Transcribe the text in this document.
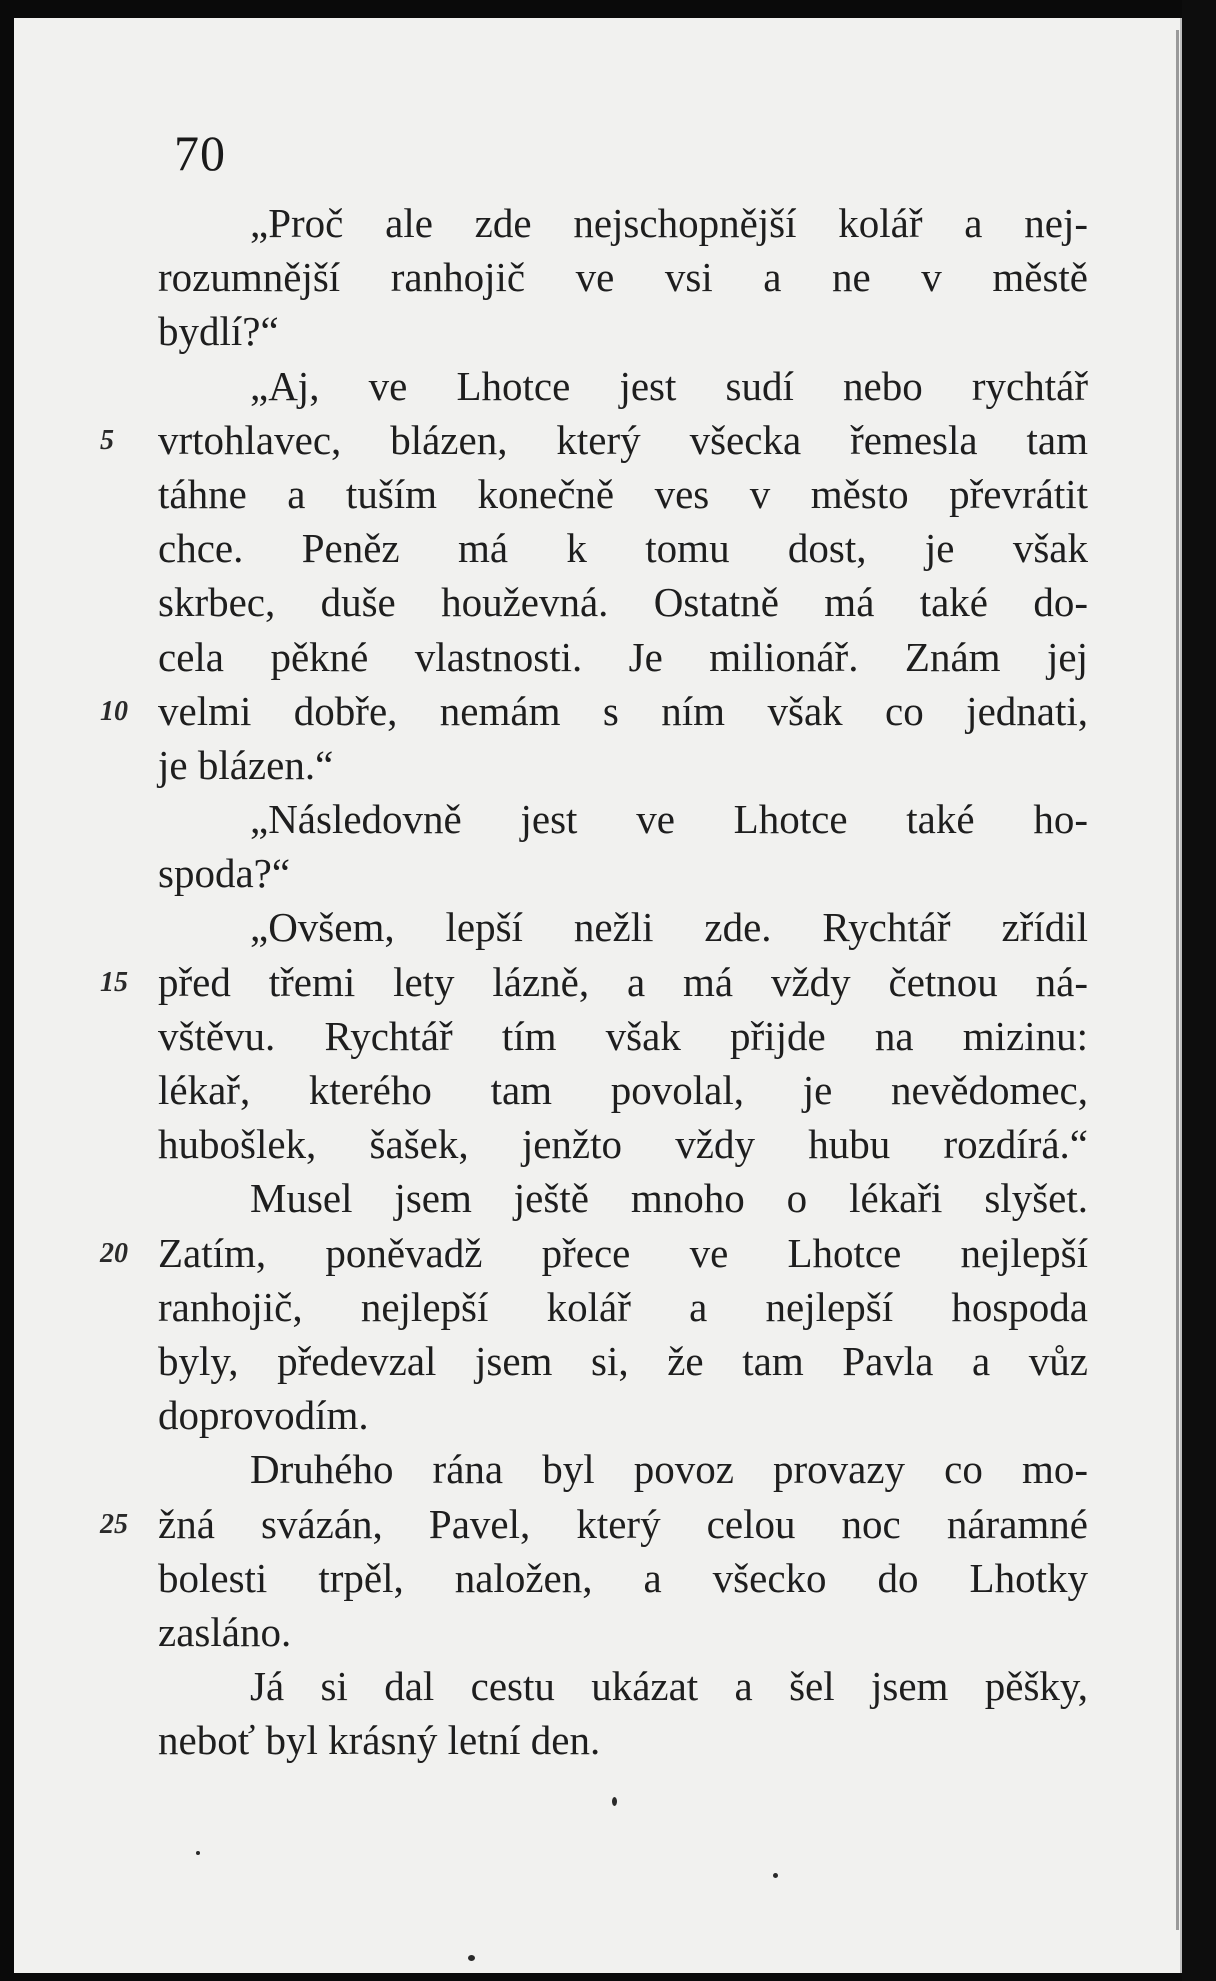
70
„Proč ale zde nejschopnější kolář a nej-
rozumnější ranhojič ve vsi a ne v městě
bydlí?“
„Aj, ve Lhotce jest sudí nebo rychtář
vrtohlavec, blázen, který všecka řemesla tam
táhne a tuším konečně ves v město převrátit
chce. Peněz má k tomu dost, je však
skrbec, duše houževná. Ostatně má také do-
cela pěkné vlastnosti. Je milionář. Znám jej
velmi dobře, nemám s ním však co jednati,
je blázen.“
„Následovně jest ve Lhotce také ho-
spoda?“
„Ovšem, lepší nežli zde. Rychtář zřídil
před třemi lety lázně, a má vždy četnou ná-
vštěvu. Rychtář tím však přijde na mizinu:
lékař, kterého tam povolal, je nevědomec,
hubošlek, šašek, jenžto vždy hubu rozdírá.“
Musel jsem ještě mnoho o lékaři slyšet.
Zatím, poněvadž přece ve Lhotce nejlepší
ranhojič, nejlepší kolář a nejlepší hospoda
byly, předevzal jsem si, že tam Pavla a vůz
doprovodím.
Druhého rána byl povoz provazy co mo-
žná svázán, Pavel, který celou noc náramné
bolesti trpěl, naložen, a všecko do Lhotky
zasláno.
Já si dal cestu ukázat a šel jsem pěšky,
neboť byl krásný letní den.
5
10
15
20
25
